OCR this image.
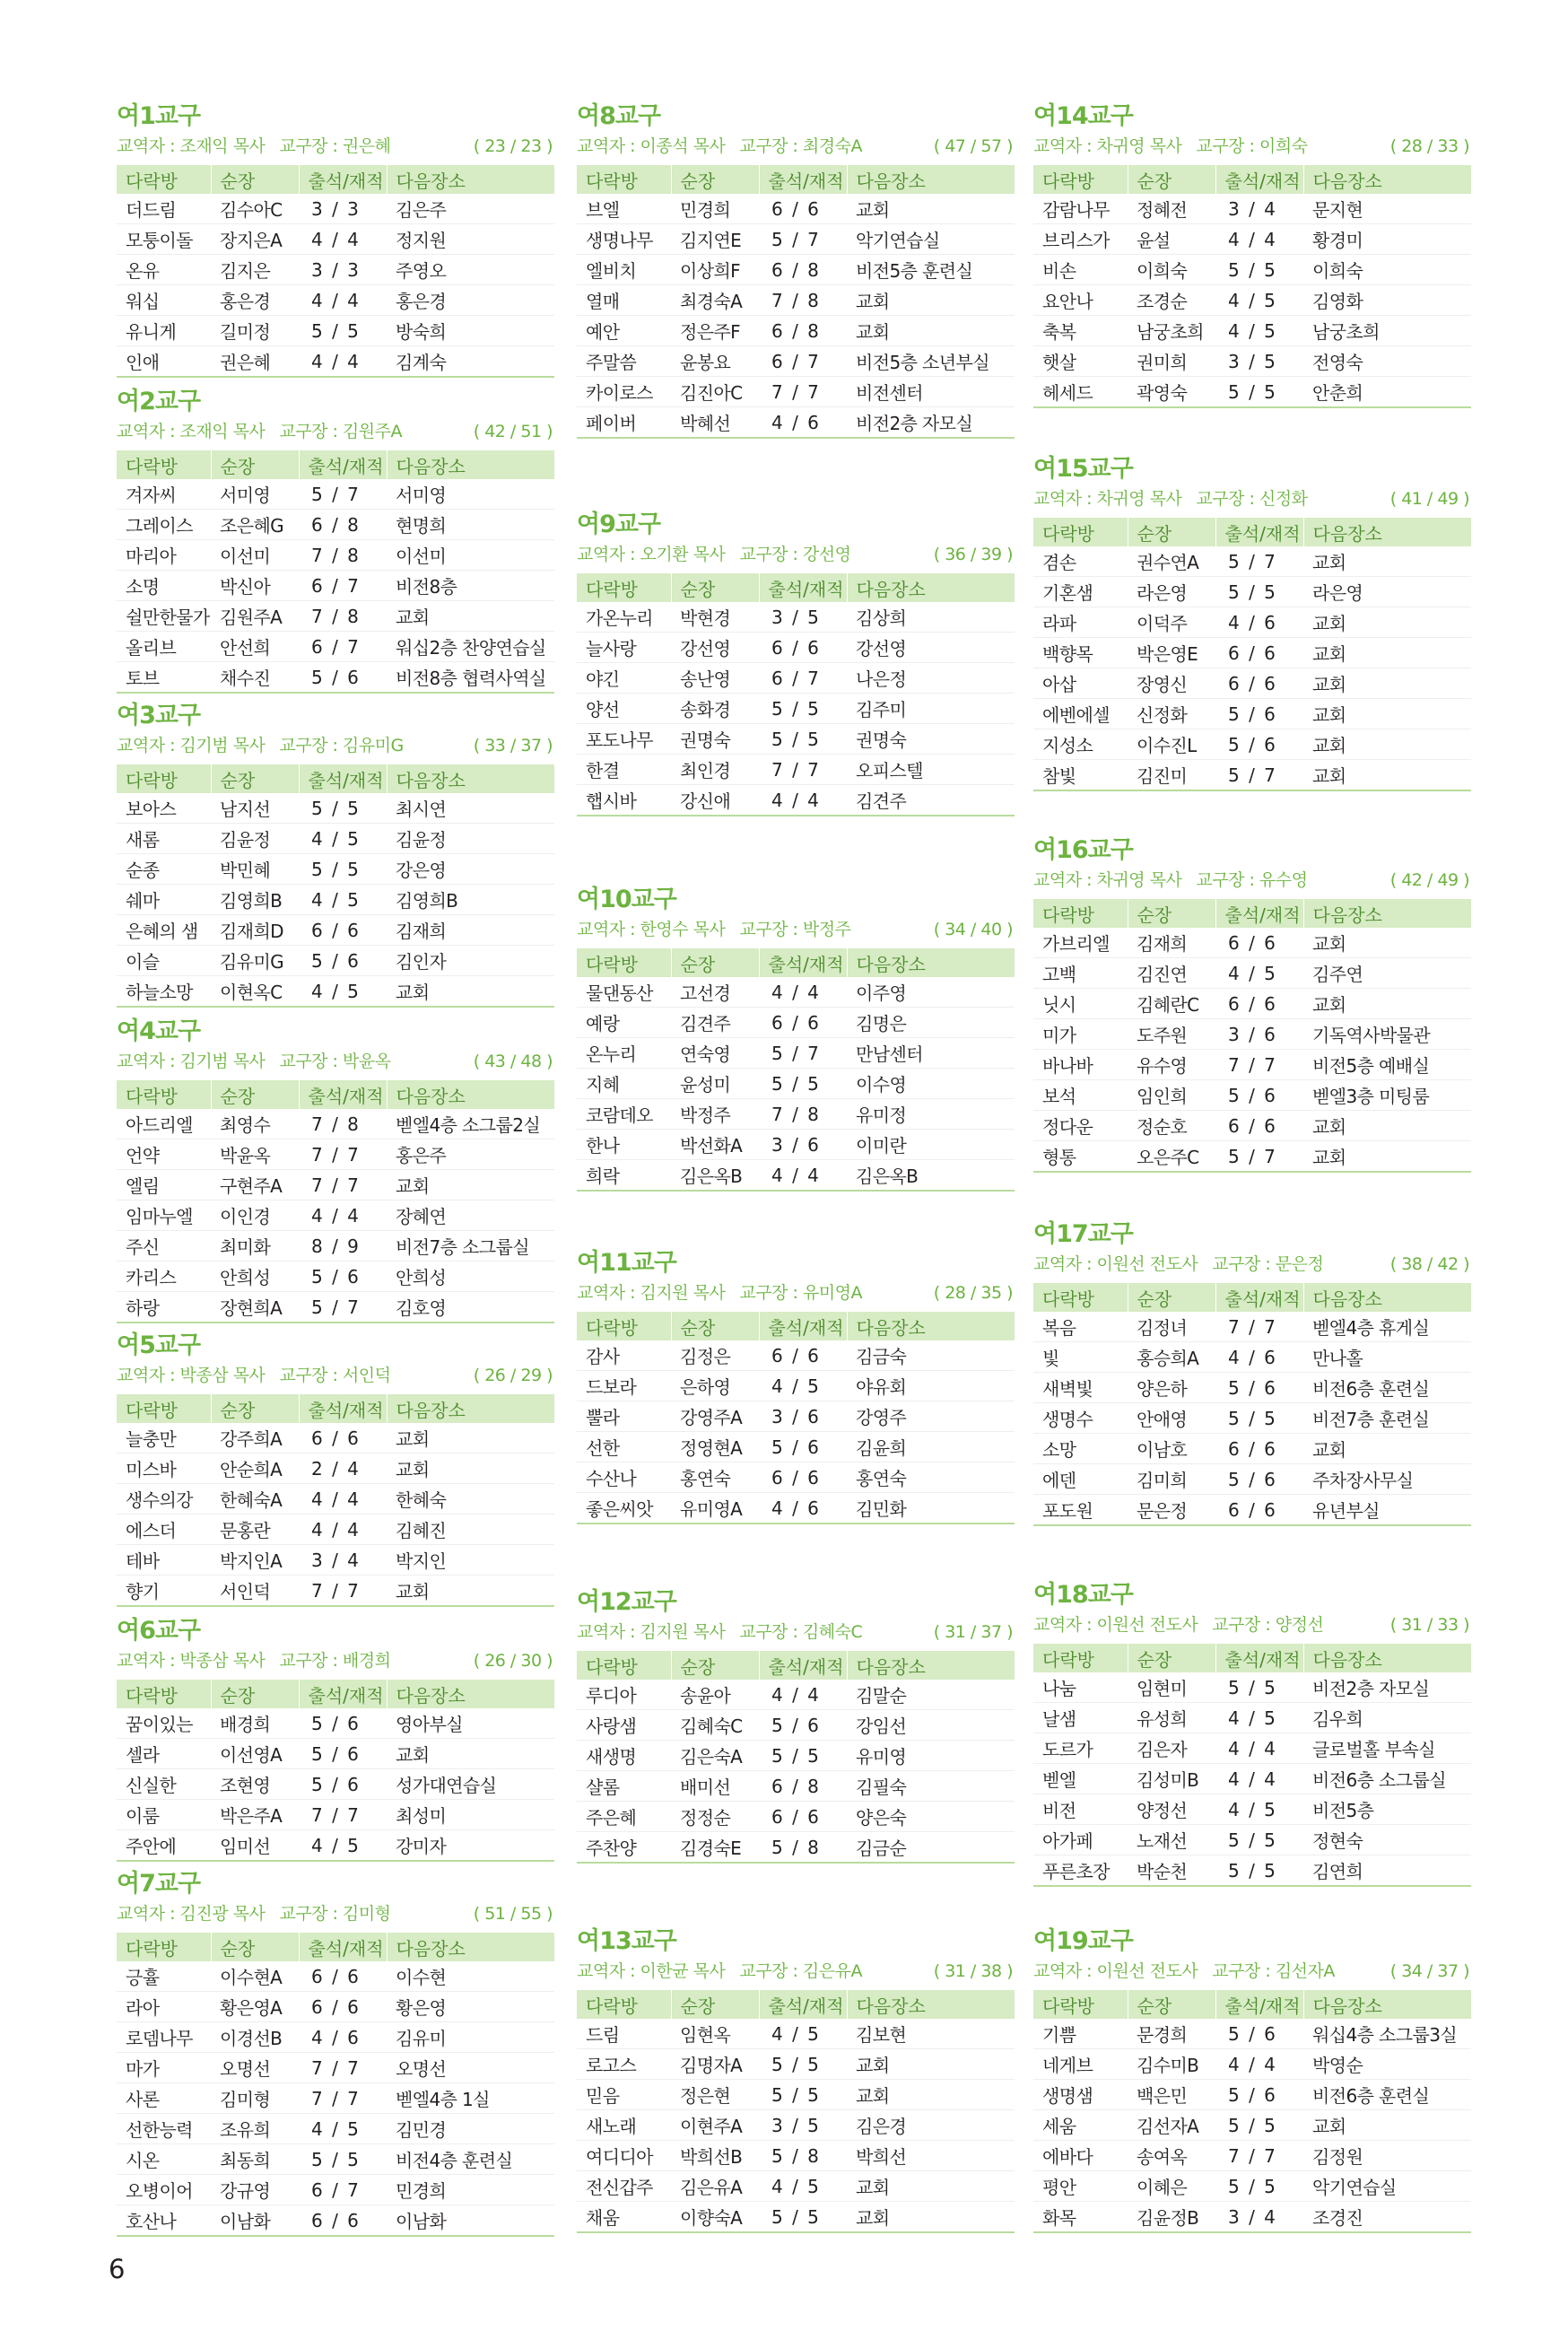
여1교구
교역자 : 조재익 목사 교구장 : 권은혜	( 23 / 23 )
다락방	순장	출석/재적	다음장소
더드림	김수아C	3 / 3	김은주
모퉁이돌	장지은A	4 / 4	정지원
온유	김지은	3 / 3	주영오
워십	홍은경	4 / 4	홍은경
유니게	길미정	5 / 5	방숙희
인애	권은혜	4 / 4	김계숙
여2교구
교역자 : 조재익 목사 교구장 : 김원주A	( 42 / 51 )
다락방	순장	출석/재적	다음장소
겨자씨	서미영	5 / 7	서미영
그레이스	조은혜G	6 / 8	현명희
마리아	이선미	7 / 8	이선미
소명	박신아	6 / 7	비전8층
쉴만한물가	김원주A	7 / 8	교회
올리브	안선희	6 / 7	워십2층 찬양연습실
토브	채수진	5 / 6	비전8층 협력사역실
여3교구
교역자 : 김기범 목사 교구장 : 김유미G	( 33 / 37 )
다락방	순장	출석/재적	다음장소
보아스	남지선	5 / 5	최시연
새롬	김윤정	4 / 5	김윤정
순종	박민혜	5 / 5	강은영
쉐마	김영희B	4 / 5	김영희B
은혜의 샘	김재희D	6 / 6	김재희
이슬	김유미G	5 / 6	김인자
하늘소망	이현옥C	4 / 5	교회
여4교구
교역자 : 김기범 목사 교구장 : 박윤옥	( 43 / 48 )
다락방	순장	출석/재적	다음장소
아드리엘	최영수	7 / 8	벧엘4층 소그룹2실
언약	박윤옥	7 / 7	홍은주
엘림	구현주A	7 / 7	교회
임마누엘	이인경	4 / 4	장혜연
주신	최미화	8 / 9	비전7층 소그룹실
카리스	안희성	5 / 6	안희성
하랑	장현희A	5 / 7	김호영
여5교구
교역자 : 박종삼 목사 교구장 : 서인덕	( 26 / 29 )
다락방	순장	출석/재적	다음장소
늘충만	강주희A	6 / 6	교회
미스바	안순희A	2 / 4	교회
생수의강	한혜숙A	4 / 4	한혜숙
에스더	문홍란	4 / 4	김혜진
테바	박지인A	3 / 4	박지인
향기	서인덕	7 / 7	교회
여6교구
교역자 : 박종삼 목사 교구장 : 배경희	( 26 / 30 )
다락방	순장	출석/재적	다음장소
꿈이있는	배경희	5 / 6	영아부실
셀라	이선영A	5 / 6	교회
신실한	조현영	5 / 6	성가대연습실
이룸	박은주A	7 / 7	최성미
주안에	임미선	4 / 5	강미자
여7교구
교역자 : 김진광 목사 교구장 : 김미형	( 51 / 55 )
다락방	순장	출석/재적	다음장소
긍휼	이수현A	6 / 6	이수현
라아	황은영A	6 / 6	황은영
로뎀나무	이경선B	4 / 6	김유미
마가	오명선	7 / 7	오명선
사론	김미형	7 / 7	벧엘4층 1실
선한능력	조유희	4 / 5	김민경
시온	최동희	5 / 5	비전4층 훈련실
오병이어	강규영	6 / 7	민경희
호산나	이남화	6 / 6	이남화
여8교구
교역자 : 이종석 목사 교구장 : 최경숙A	( 47 / 57 )
다락방	순장	출석/재적	다음장소
브엘	민경희	6 / 6	교회
생명나무	김지연E	5 / 7	악기연습실
엘비치	이상희F	6 / 8	비전5층 훈련실
열매	최경숙A	7 / 8	교회
예안	정은주F	6 / 8	교회
주말씀	윤봉요	6 / 7	비전5층 소년부실
카이로스	김진아C	7 / 7	비전센터
페이버	박혜선	4 / 6	비전2층 자모실
여9교구
교역자 : 오기환 목사 교구장 : 강선영	( 36 / 39 )
다락방	순장	출석/재적	다음장소
가온누리	박현경	3 / 5	김상희
늘사랑	강선영	6 / 6	강선영
야긴	송난영	6 / 7	나은정
양선	송화경	5 / 5	김주미
포도나무	권명숙	5 / 5	권명숙
한결	최인경	7 / 7	오피스텔
햅시바	강신애	4 / 4	김견주
여10교구
교역자 : 한영수 목사 교구장 : 박정주	( 34 / 40 )
다락방	순장	출석/재적	다음장소
물댄동산	고선경	4 / 4	이주영
예랑	김견주	6 / 6	김명은
온누리	연숙영	5 / 7	만남센터
지혜	윤성미	5 / 5	이수영
코람데오	박정주	7 / 8	유미정
한나	박선화A	3 / 6	이미란
희락	김은옥B	4 / 4	김은옥B
여11교구
교역자 : 김지원 목사 교구장 : 유미영A	( 28 / 35 )
다락방	순장	출석/재적	다음장소
감사	김정은	6 / 6	김금숙
드보라	은하영	4 / 5	야유회
뿔라	강영주A	3 / 6	강영주
선한	정영현A	5 / 6	김윤희
수산나	홍연숙	6 / 6	홍연숙
좋은씨앗	유미영A	4 / 6	김민화
여12교구
교역자 : 김지원 목사 교구장 : 김혜숙C	( 31 / 37 )
다락방	순장	출석/재적	다음장소
루디아	송윤아	4 / 4	김말순
사랑샘	김혜숙C	5 / 6	강임선
새생명	김은숙A	5 / 5	유미영
샬롬	배미선	6 / 8	김필숙
주은혜	정정순	6 / 6	양은숙
주찬양	김경숙E	5 / 8	김금순
여13교구
교역자 : 이한균 목사 교구장 : 김은유A	( 31 / 38 )
다락방	순장	출석/재적	다음장소
드림	임현옥	4 / 5	김보현
로고스	김명자A	5 / 5	교회
믿음	정은현	5 / 5	교회
새노래	이현주A	3 / 5	김은경
여디디아	박희선B	5 / 8	박희선
전신갑주	김은유A	4 / 5	교회
채움	이향숙A	5 / 5	교회
여14교구
교역자 : 차귀영 목사 교구장 : 이희숙	( 28 / 33 )
다락방	순장	출석/재적	다음장소
감람나무	정혜전	3 / 4	문지현
브리스가	윤설	4 / 4	황경미
비손	이희숙	5 / 5	이희숙
요안나	조경순	4 / 5	김영화
축복	남궁초희	4 / 5	남궁초희
햇살	권미희	3 / 5	전영숙
헤세드	곽영숙	5 / 5	안춘희
여15교구
교역자 : 차귀영 목사 교구장 : 신정화	( 41 / 49 )
다락방	순장	출석/재적	다음장소
겸손	권수연A	5 / 7	교회
기혼샘	라은영	5 / 5	라은영
라파	이덕주	4 / 6	교회
백향목	박은영E	6 / 6	교회
아삽	장영신	6 / 6	교회
에벤에셀	신정화	5 / 6	교회
지성소	이수진L	5 / 6	교회
참빛	김진미	5 / 7	교회
여16교구
교역자 : 차귀영 목사 교구장 : 유수영	( 42 / 49 )
다락방	순장	출석/재적	다음장소
가브리엘	김재희	6 / 6	교회
고백	김진연	4 / 5	김주연
닛시	김혜란C	6 / 6	교회
미가	도주원	3 / 6	기독역사박물관
바나바	유수영	7 / 7	비전5층 예배실
보석	임인희	5 / 6	벧엘3층 미팅룸
정다운	정순호	6 / 6	교회
형통	오은주C	5 / 7	교회
여17교구
교역자 : 이원선 전도사 교구장 : 문은정	( 38 / 42 )
다락방	순장	출석/재적	다음장소
복음	김정녀	7 / 7	벧엘4층 휴게실
빛	홍승희A	4 / 6	만나홀
새벽빛	양은하	5 / 6	비전6층 훈련실
생명수	안애영	5 / 5	비전7층 훈련실
소망	이남호	6 / 6	교회
에덴	김미희	5 / 6	주차장사무실
포도원	문은정	6 / 6	유년부실
여18교구
교역자 : 이원선 전도사 교구장 : 양정선	( 31 / 33 )
다락방	순장	출석/재적	다음장소
나눔	임현미	5 / 5	비전2층 자모실
날샘	유성희	4 / 5	김우희
도르가	김은자	4 / 4	글로벌홀 부속실
벧엘	김성미B	4 / 4	비전6층 소그룹실
비전	양정선	4 / 5	비전5층
아가페	노재선	5 / 5	정현숙
푸른초장	박순천	5 / 5	김연희
여19교구
교역자 : 이원선 전도사 교구장 : 김선자A	( 34 / 37 )
다락방	순장	출석/재적	다음장소
기쁨	문경희	5 / 6	워십4층 소그룹3실
네게브	김수미B	4 / 4	박영순
생명샘	백은민	5 / 6	비전6층 훈련실
세움	김선자A	5 / 5	교회
에바다	송여옥	7 / 7	김정원
평안	이혜은	5 / 5	악기연습실
화목	김윤정B	3 / 4	조경진
6
